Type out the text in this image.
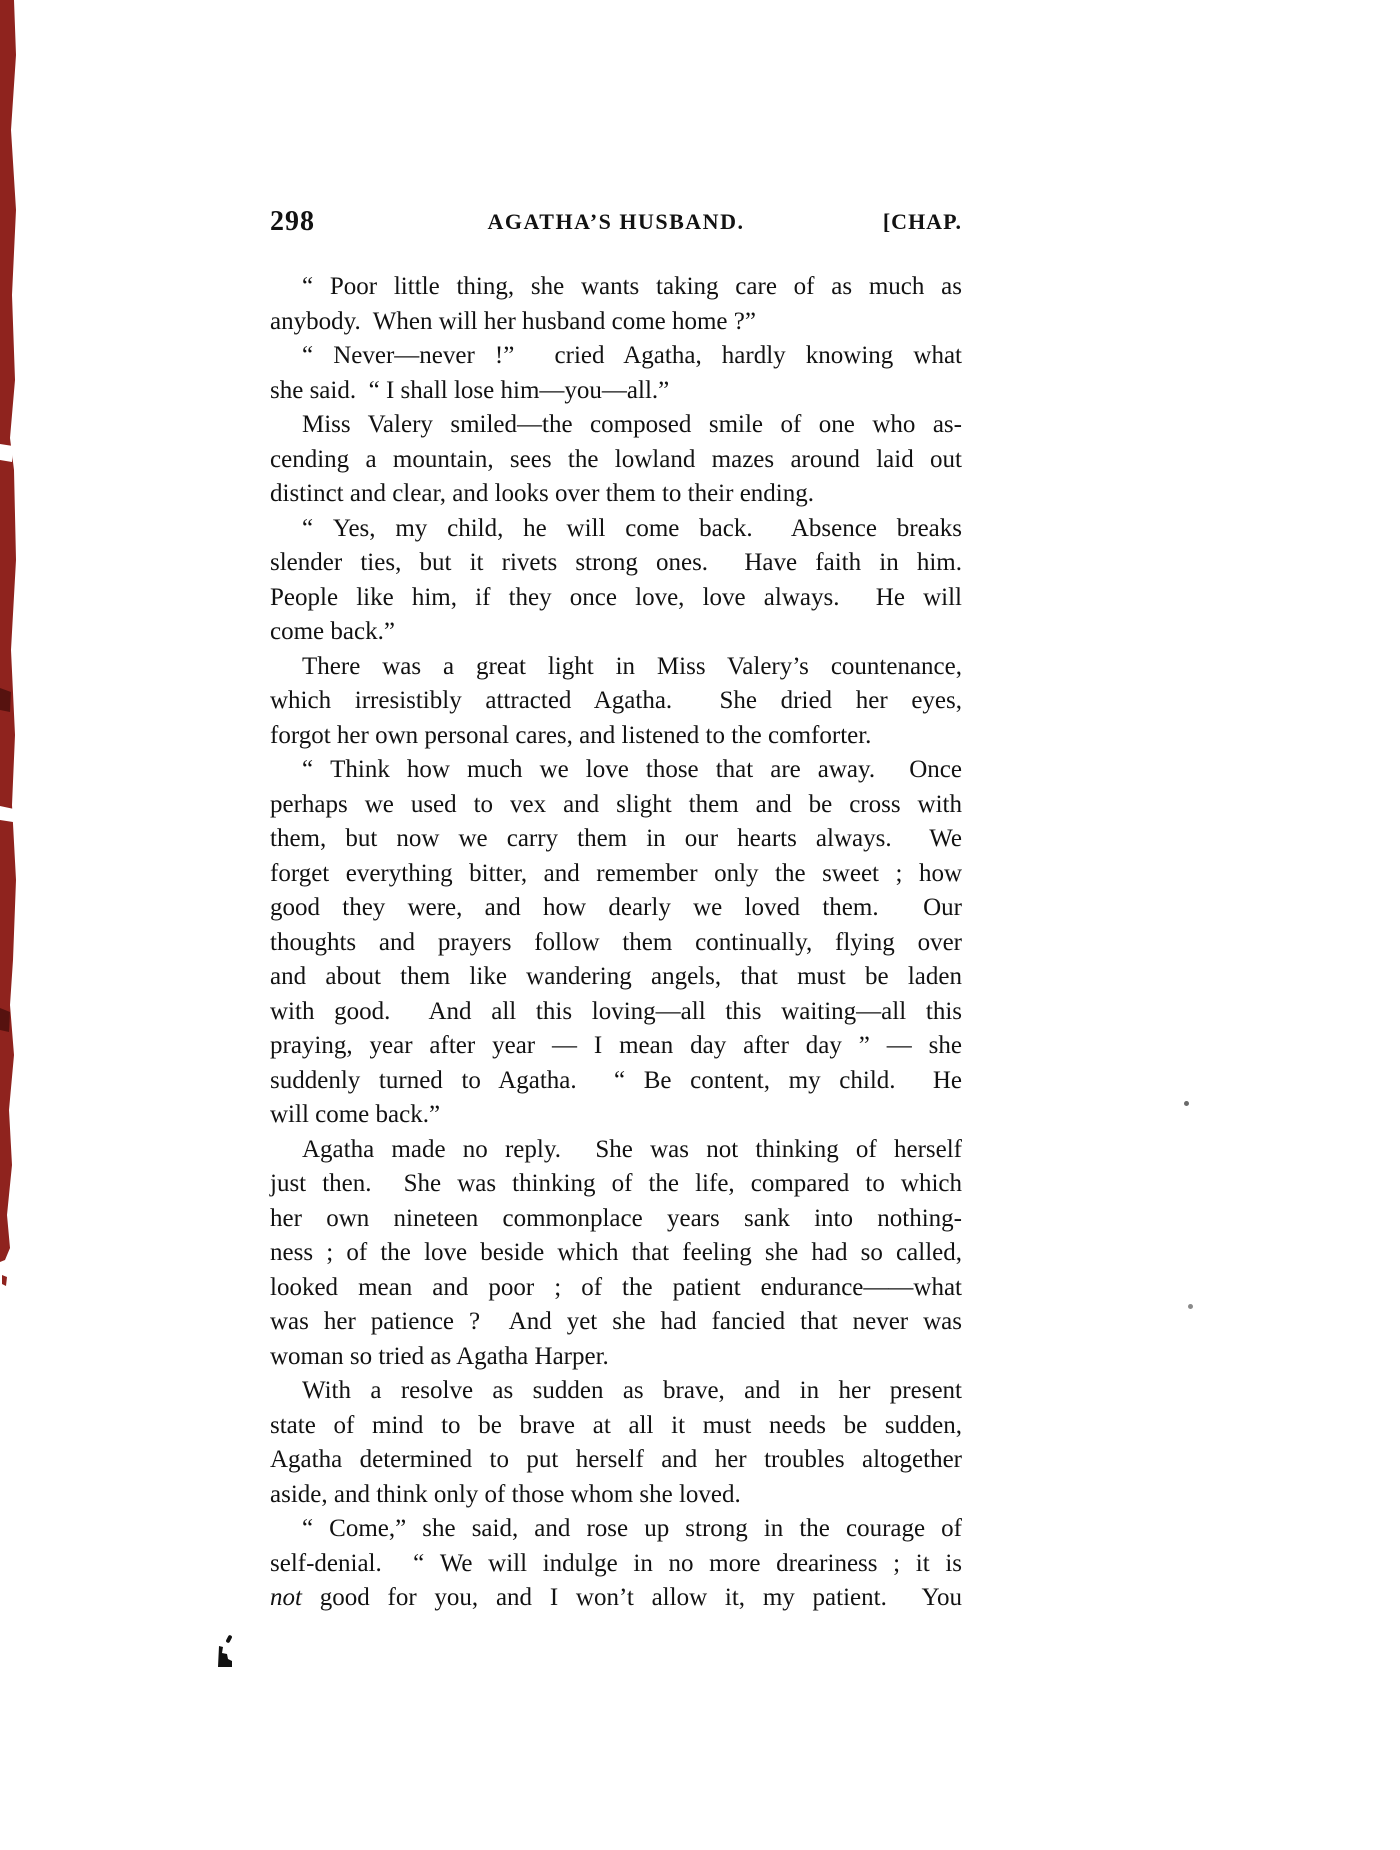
298	AGATHA’S HUSBAND.	[CHAP.
“ Poor little thing, she wants taking care of as much as
anybody.  When will her husband come home ?”
“ Never—never !”  cried Agatha, hardly knowing what
she said.  “ I shall lose him—you—all.”
Miss Valery smiled—the composed smile of one who as-
cending a mountain, sees the lowland mazes around laid out
distinct and clear, and looks over them to their ending.
“ Yes, my child, he will come back.  Absence breaks
slender ties, but it rivets strong ones.  Have faith in him.
People like him, if they once love, love always.  He will
come back.”
There was a great light in Miss Valery’s countenance,
which irresistibly attracted Agatha.  She dried her eyes,
forgot her own personal cares, and listened to the comforter.
“ Think how much we love those that are away.  Once
perhaps we used to vex and slight them and be cross with
them, but now we carry them in our hearts always.  We
forget everything bitter, and remember only the sweet ; how
good they were, and how dearly we loved them.  Our
thoughts and prayers follow them continually, flying over
and about them like wandering angels, that must be laden
with good.  And all this loving—all this waiting—all this
praying, year after year — I mean day after day ” — she
suddenly turned to Agatha.  “ Be content, my child.  He
will come back.”
Agatha made no reply.  She was not thinking of herself
just then.  She was thinking of the life, compared to which
her own nineteen commonplace years sank into nothing-
ness ; of the love beside which that feeling she had so called,
looked mean and poor ; of the patient endurance——what
was her patience ?  And yet she had fancied that never was
woman so tried as Agatha Harper.
With a resolve as sudden as brave, and in her present
state of mind to be brave at all it must needs be sudden,
Agatha determined to put herself and her troubles altogether
aside, and think only of those whom she loved.
“ Come,” she said, and rose up strong in the courage of
self-denial.  “ We will indulge in no more dreariness ; it is
not good for you, and I won’t allow it, my patient.  You
